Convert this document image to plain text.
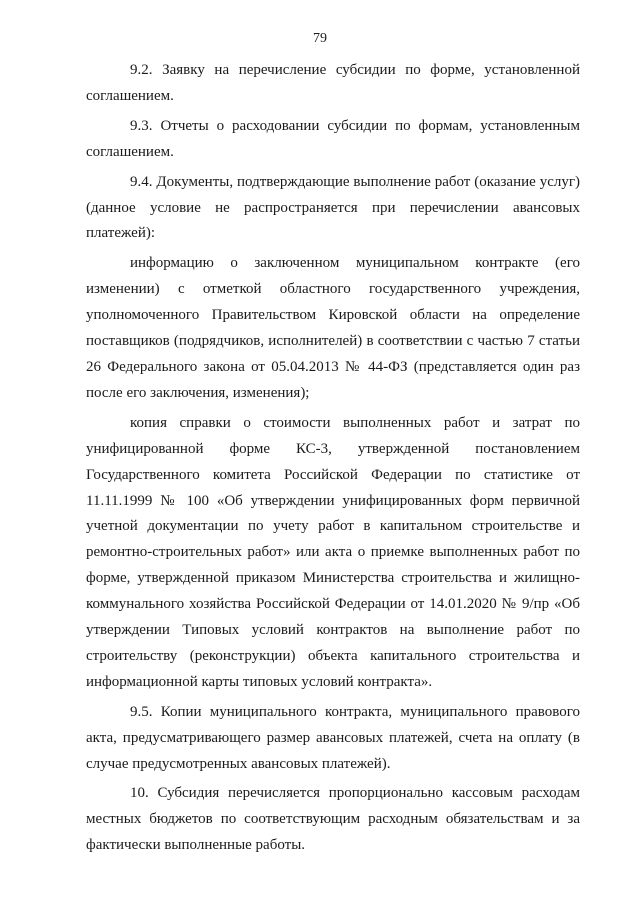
79

9.2. Заявку на перечисление субсидии по форме, установленной соглашением.

9.3. Отчеты о расходовании субсидии по формам, установленным соглашением.

9.4. Документы, подтверждающие выполнение работ (оказание услуг) (данное условие не распространяется при перечислении авансовых платежей):

информацию о заключенном муниципальном контракте (его изменении) с отметкой областного государственного учреждения, уполномоченного Правительством Кировской области на определение поставщиков (подрядчиков, исполнителей) в соответствии с частью 7 статьи 26 Федерального закона от 05.04.2013 № 44-ФЗ (представляется один раз после его заключения, изменения);

копия справки о стоимости выполненных работ и затрат по унифицированной форме КС-3, утвержденной постановлением Государственного комитета Российской Федерации по статистике от 11.11.1999 № 100 «Об утверждении унифицированных форм первичной учетной документации по учету работ в капитальном строительстве и ремонтно-строительных работ» или акта о приемке выполненных работ по форме, утвержденной приказом Министерства строительства и жилищно-коммунального хозяйства Российской Федерации от 14.01.2020 № 9/пр «Об утверждении Типовых условий контрактов на выполнение работ по строительству (реконструкции) объекта капитального строительства и информационной карты типовых условий контракта».

9.5. Копии муниципального контракта, муниципального правового акта, предусматривающего размер авансовых платежей, счета на оплату (в случае предусмотренных авансовых платежей).

10. Субсидия перечисляется пропорционально кассовым расходам местных бюджетов по соответствующим расходным обязательствам и за фактически выполненные работы.
